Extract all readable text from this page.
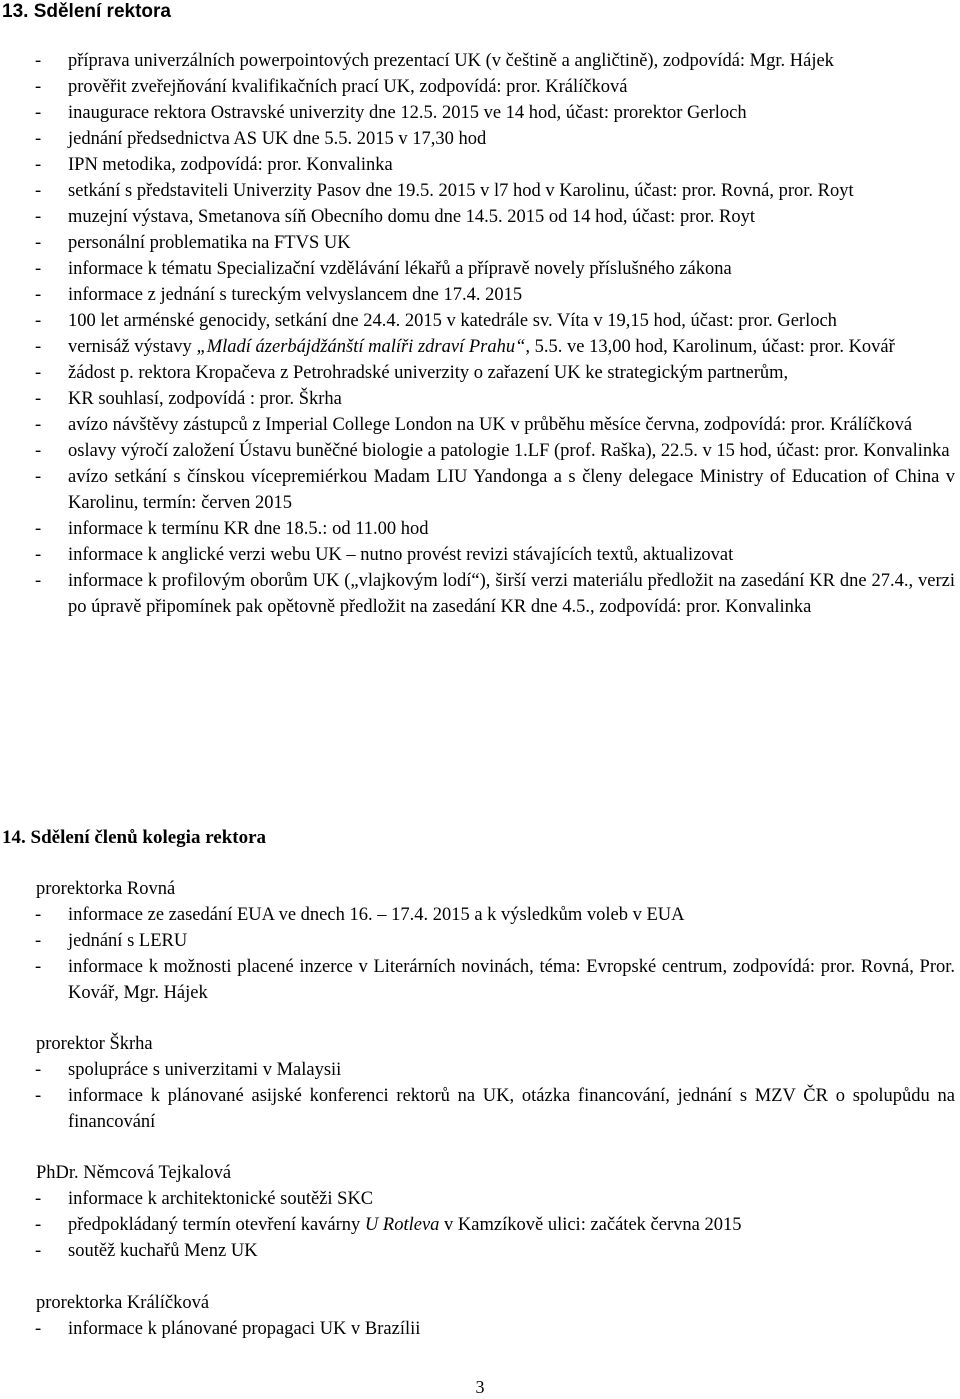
13. Sdělení rektora
- příprava univerzálních powerpointových prezentací UK (v češtině a angličtině), zodpovídá: Mgr. Hájek
- prověřit zveřejňování kvalifikačních prací UK, zodpovídá: pror. Králíčková
- inaugurace rektora Ostravské univerzity dne 12.5. 2015 ve 14 hod, účast: prorektor Gerloch
- jednání předsednictva AS UK dne 5.5. 2015 v 17,30 hod
- IPN metodika, zodpovídá: pror. Konvalinka
- setkání s představiteli Univerzity Pasov dne 19.5. 2015 v l7 hod v Karolinu, účast: pror. Rovná, pror. Royt
- muzejní výstava, Smetanova síň Obecního domu dne 14.5. 2015 od 14 hod, účast: pror. Royt
- personální problematika na FTVS UK
- informace k tématu Specializační vzdělávání lékařů a přípravě novely příslušného zákona
- informace z jednání s tureckým velvyslancem dne 17.4. 2015
- 100 let arménské genocidy, setkání dne 24.4. 2015 v katedrále sv. Víta v 19,15 hod, účast: pror. Gerloch
- vernisáž výstavy „Mladí ázerbájdžánští malíři zdraví Prahu“, 5.5. ve 13,00 hod, Karolinum, účast: pror. Kovář
- žádost p. rektora Kropačeva z Petrohradské univerzity o zařazení UK ke strategickým partnerům,
- KR souhlasí, zodpovídá : pror. Škrha
- avízo návštěvy zástupců z Imperial College London na UK v průběhu měsíce června, zodpovídá: pror. Králíčková
- oslavy výročí založení Ústavu buněčné biologie a patologie 1.LF (prof. Raška), 22.5. v 15 hod, účast: pror. Konvalinka
- avízo setkání s čínskou vícepremiérkou Madam LIU Yandonga a s členy delegace Ministry of Education of China v Karolinu, termín: červen 2015
- informace k termínu KR dne 18.5.: od 11.00 hod
- informace k anglické verzi webu UK – nutno provést revizi stávajících textů, aktualizovat
- informace k profilovým oborům UK („vlajkovým lodí“), širší verzi materiálu předložit na zasedání KR dne 27.4., verzi po úpravě připomínek pak opětovně předložit na zasedání KR dne 4.5., zodpovídá: pror. Konvalinka
14. Sdělení členů kolegia rektora

prorektorka Rovná

- informace ze zasedání EUA ve dnech 16. – 17.4. 2015 a k výsledkům voleb v EUA
- jednání s LERU
- informace k možnosti placené inzerce v Literárních novinách, téma: Evropské centrum, zodpovídá: pror. Rovná, Pror. Kovář, Mgr. Hájek

prorektor Škrha

- spolupráce s univerzitami v Malaysii
- informace k plánované asijské konferenci rektorů na UK, otázka financování, jednání s MZV ČR o spolupůdu na financování

PhDr. Němcová Tejkalová

- informace k architektonické soutěži SKC
- předpokládaný termín otevření kavárny U Rotleva v Kamzíkově ulici: začátek června 2015
- soutěž kuchařů Menz UK

prorektorka Králíčková

- informace k plánované propagaci UK v Brazílii
3
